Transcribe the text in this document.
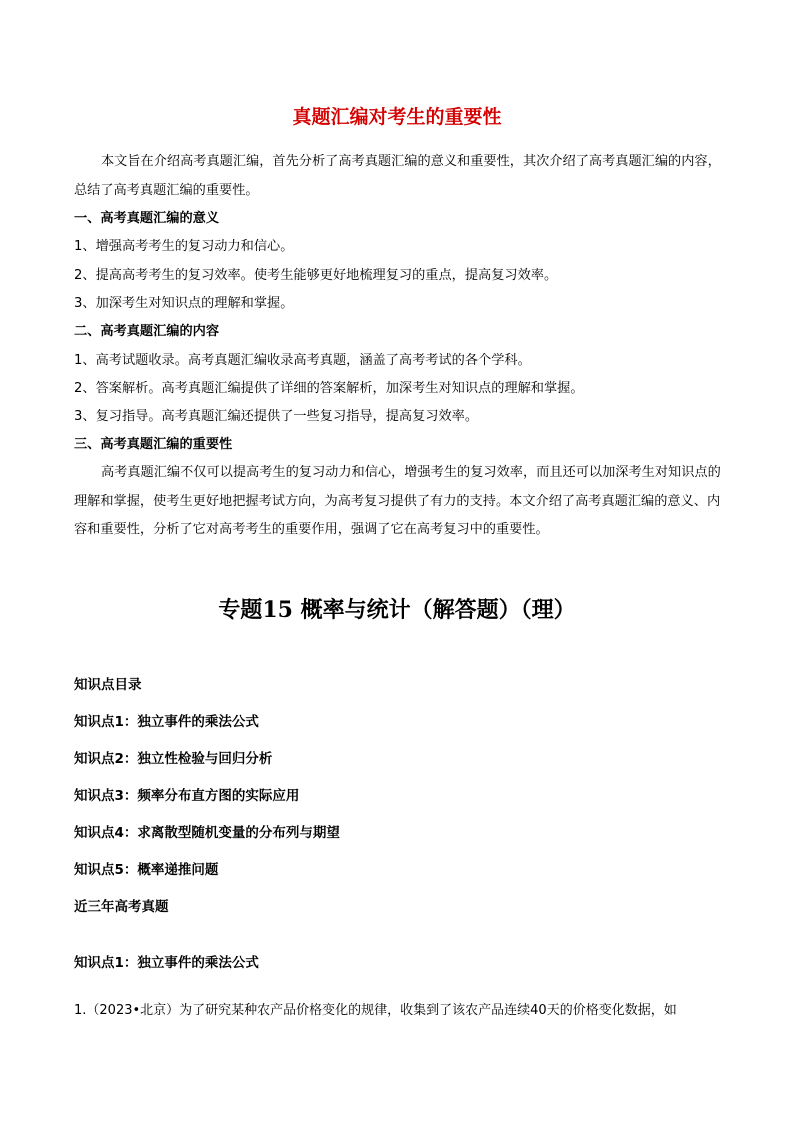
真题汇编对考生的重要性
本文旨在介绍高考真题汇编，首先分析了高考真题汇编的意义和重要性，其次介绍了高考真题汇编的内容，总结了高考真题汇编的重要性。
一、高考真题汇编的意义
1、增强高考考生的复习动力和信心。
2、提高高考考生的复习效率。使考生能够更好地梳理复习的重点，提高复习效率。
3、加深考生对知识点的理解和掌握。
二、高考真题汇编的内容
1、高考试题收录。高考真题汇编收录高考真题，涵盖了高考考试的各个学科。
2、答案解析。高考真题汇编提供了详细的答案解析，加深考生对知识点的理解和掌握。
3、复习指导。高考真题汇编还提供了一些复习指导，提高复习效率。
三、高考真题汇编的重要性
高考真题汇编不仅可以提高考生的复习动力和信心，增强考生的复习效率，而且还可以加深考生对知识点的理解和掌握，使考生更好地把握考试方向，为高考复习提供了有力的支持。本文介绍了高考真题汇编的意义、内容和重要性，分析了它对高考考生的重要作用，强调了它在高考复习中的重要性。
专题15 概率与统计（解答题）（理）
知识点目录
知识点1：独立事件的乘法公式
知识点2：独立性检验与回归分析
知识点3：频率分布直方图的实际应用
知识点4：求离散型随机变量的分布列与期望
知识点5：概率递推问题
近三年高考真题
知识点1：独立事件的乘法公式
1.（2023•北京）为了研究某种农产品价格变化的规律，收集到了该农产品连续40天的价格变化数据，如
